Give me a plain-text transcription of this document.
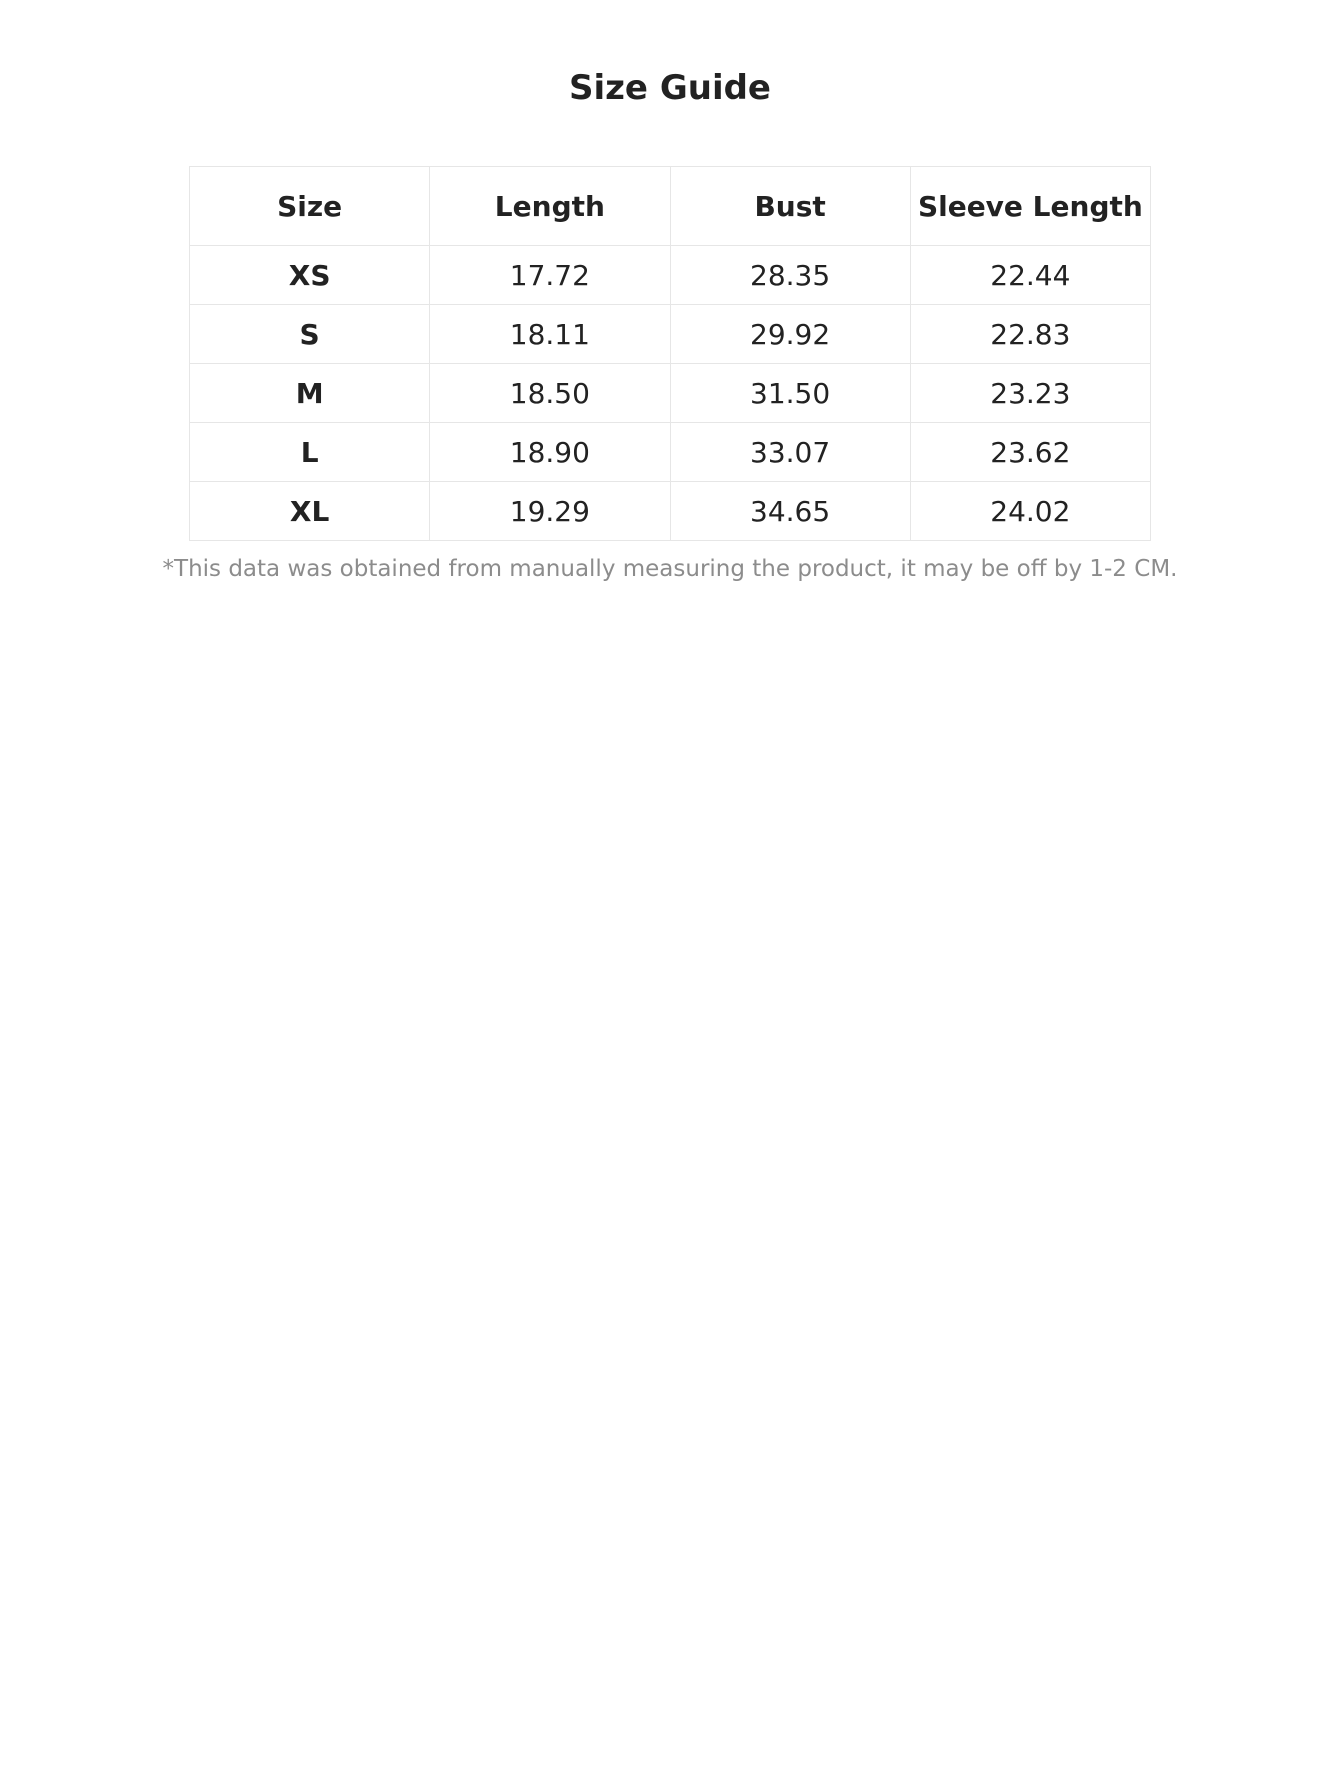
Size Guide
Size	Length	Bust	Sleeve Length
XS	17.72	28.35	22.44
S	18.11	29.92	22.83
M	18.50	31.50	23.23
L	18.90	33.07	23.62
XL	19.29	34.65	24.02

*This data was obtained from manually measuring the product, it may be off by 1-2 CM.
